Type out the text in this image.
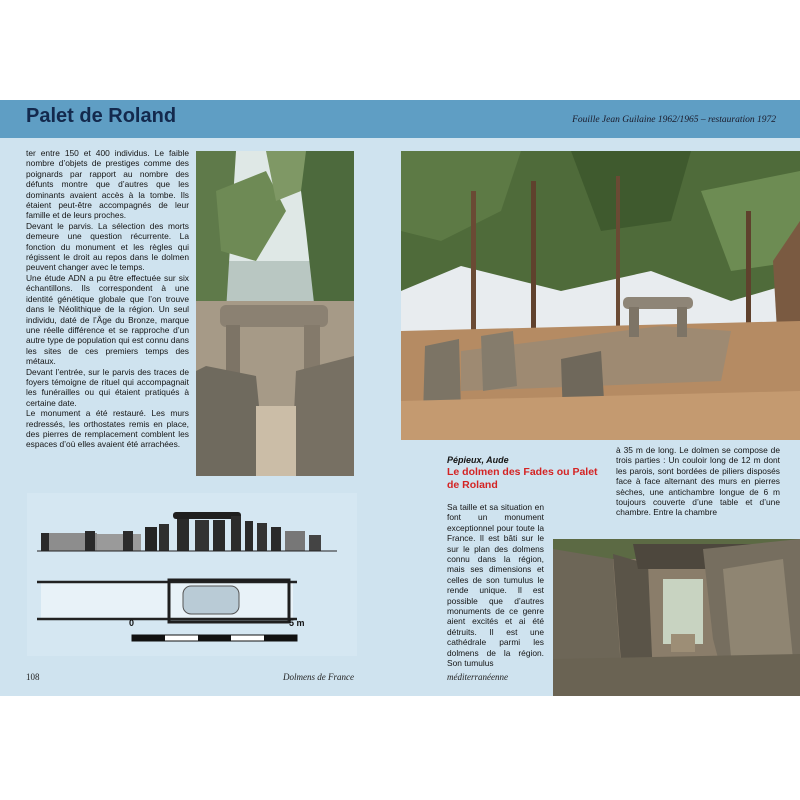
Palet de Roland	Fouille Jean Guilaine 1962/1965 – restauration 1972

ter entre 150 et 400 individus. Le faible nombre d’objets de prestiges comme des poignards par rapport au nombre des défunts montre que d’autres que les dominants avaient accès à la tombe. Ils étaient peut-être accompagnés de leur famille et de leurs proches.

Devant le parvis. La sélection des morts demeure une question récurrente. La fonction du monument et les règles qui régissent le droit au repos dans le dolmen peuvent changer avec le temps.

Une étude ADN a pu être effectuée sur six échantillons. Ils correspondent à une identité génétique globale que l’on trouve dans le Néolithique de la région. Un seul individu, daté de l’Âge du Bronze, marque une réelle différence et se rapproche d’un autre type de population qui est connu dans les sites de ces premiers temps des métaux.

Devant l’entrée, sur le parvis des traces de foyers témoigne de rituel qui accompagnait les funérailles ou qui étaient pratiqués à certaine date.

Le monument a été restauré. Les murs redressés, les orthostates remis en place, des pierres de remplacement comblent les espaces d’où elles avaient été arrachées.

Pépieux, Aude
Le dolmen des Fades ou Palet de Roland

Sa taille et sa situation en font un monument exceptionnel pour toute la France. Il est bâti sur le sur le plan des dolmens connu dans la région, mais ses dimensions et celles de son tumulus le rende unique. Il est possible que d’autres monuments de ce genre aient excités et ai été détruits. Il est une cathédrale parmi les dolmens de la région. Son tumulus

à 35 m de long. Le dolmen se compose de trois parties : Un couloir long de 12 m dont les parois, sont bordées de piliers disposés face à face alternant des murs en pierres sèches, une antichambre longue de 6 m toujours couverte d’une table et d’une chambre. Entre la chambre

0	5 m
108	Dolmens de France	méditerranéenne
